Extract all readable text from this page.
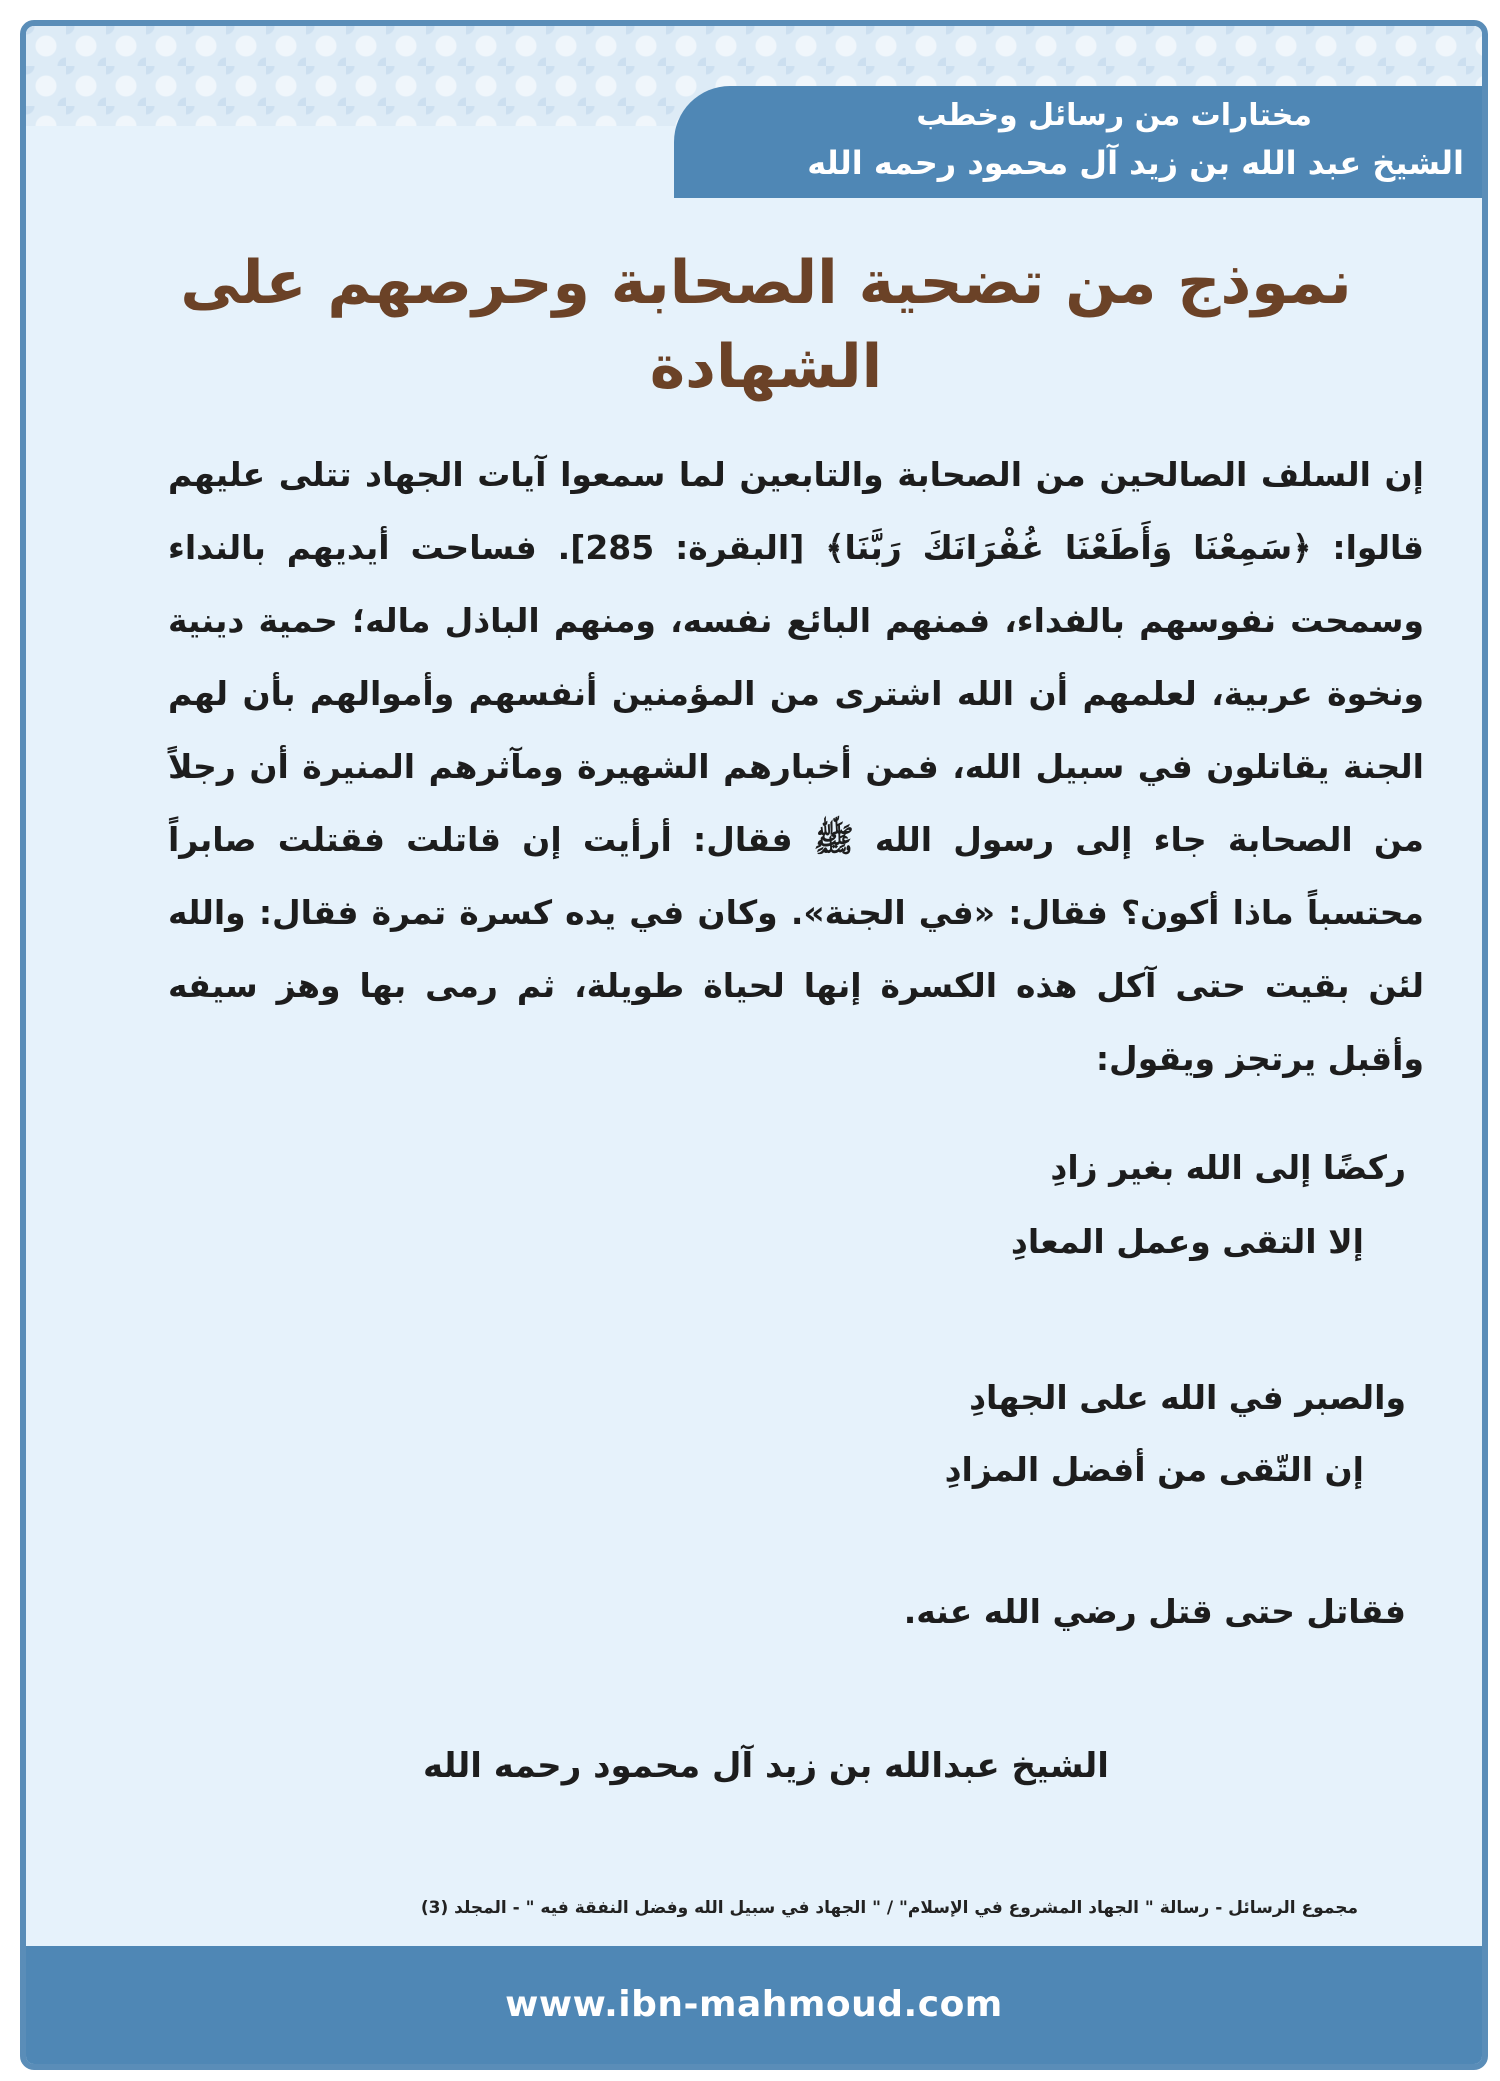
مختارات من رسائل وخطب
الشيخ عبد الله بن زيد آل محمود رحمه الله
نموذج من تضحية الصحابة وحرصهم على الشهادة
إن السلف الصالحين من الصحابة والتابعين لما سمعوا آيات الجهاد تتلى عليهم قالوا: ﴿سَمِعْنَا وَأَطَعْنَا غُفْرَانَكَ رَبَّنَا﴾ [البقرة: 285]. فساحت أيديهم بالنداء وسمحت نفوسهم بالفداء، فمنهم البائع نفسه، ومنهم الباذل ماله؛ حمية دينية ونخوة عربية، لعلمهم أن الله اشترى من المؤمنين أنفسهم وأموالهم بأن لهم الجنة يقاتلون في سبيل الله، فمن أخبارهم الشهيرة ومآثرهم المنيرة أن رجلاً من الصحابة جاء إلى رسول الله ﷺ فقال: أرأيت إن قاتلت فقتلت صابراً محتسباً ماذا أكون؟ فقال: «في الجنة». وكان في يده كسرة تمرة فقال: والله لئن بقيت حتى آكل هذه الكسرة إنها لحياة طويلة، ثم رمى بها وهز سيفه وأقبل يرتجز ويقول:
ركضًا إلى الله بغير زادِ
إلا التقى وعمل المعادِ
والصبر في الله على الجهادِ
إن التّقى من أفضل المزادِ
فقاتل حتى قتل رضي الله عنه.
الشيخ عبدالله بن زيد آل محمود رحمه الله
مجموع الرسائل - رسالة " الجهاد المشروع في الإسلام" / " الجهاد في سبيل الله وفضل النفقة فيه " - المجلد (3)
www.ibn-mahmoud.com
